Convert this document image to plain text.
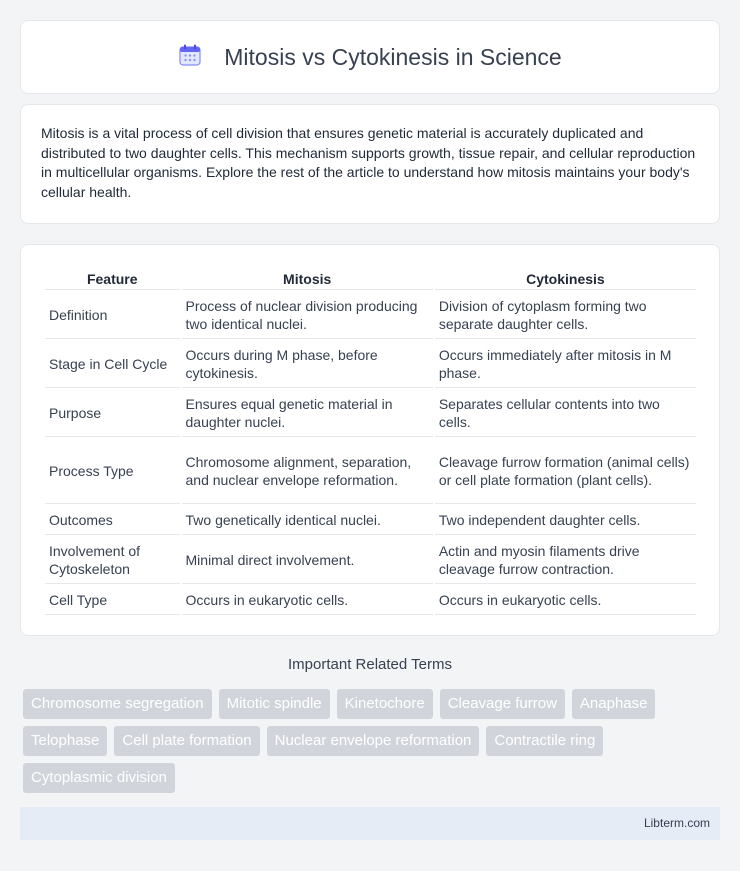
Mitosis vs Cytokinesis in Science

Mitosis is a vital process of cell division that ensures genetic material is accurately duplicated and distributed to two daughter cells. This mechanism supports growth, tissue repair, and cellular reproduction in multicellular organisms. Explore the rest of the article to understand how mitosis maintains your body's cellular health.

Feature	Mitosis	Cytokinesis
Definition	Process of nuclear division producing two identical nuclei.	Division of cytoplasm forming two separate daughter cells.
Stage in Cell Cycle	Occurs during M phase, before cytokinesis.	Occurs immediately after mitosis in M phase.
Purpose	Ensures equal genetic material in daughter nuclei.	Separates cellular contents into two cells.
Process Type	Chromosome alignment, separation, and nuclear envelope reformation.	Cleavage furrow formation (animal cells) or cell plate formation (plant cells).
Outcomes	Two genetically identical nuclei.	Two independent daughter cells.
Involvement of Cytoskeleton	Minimal direct involvement.	Actin and myosin filaments drive cleavage furrow contraction.
Cell Type	Occurs in eukaryotic cells.	Occurs in eukaryotic cells.
Important Related Terms
Chromosome segregation	Mitotic spindle	Kinetochore	Cleavage furrow	Anaphase
Telophase	Cell plate formation	Nuclear envelope reformation	Contractile ring
Cytoplasmic division
Libterm.com
